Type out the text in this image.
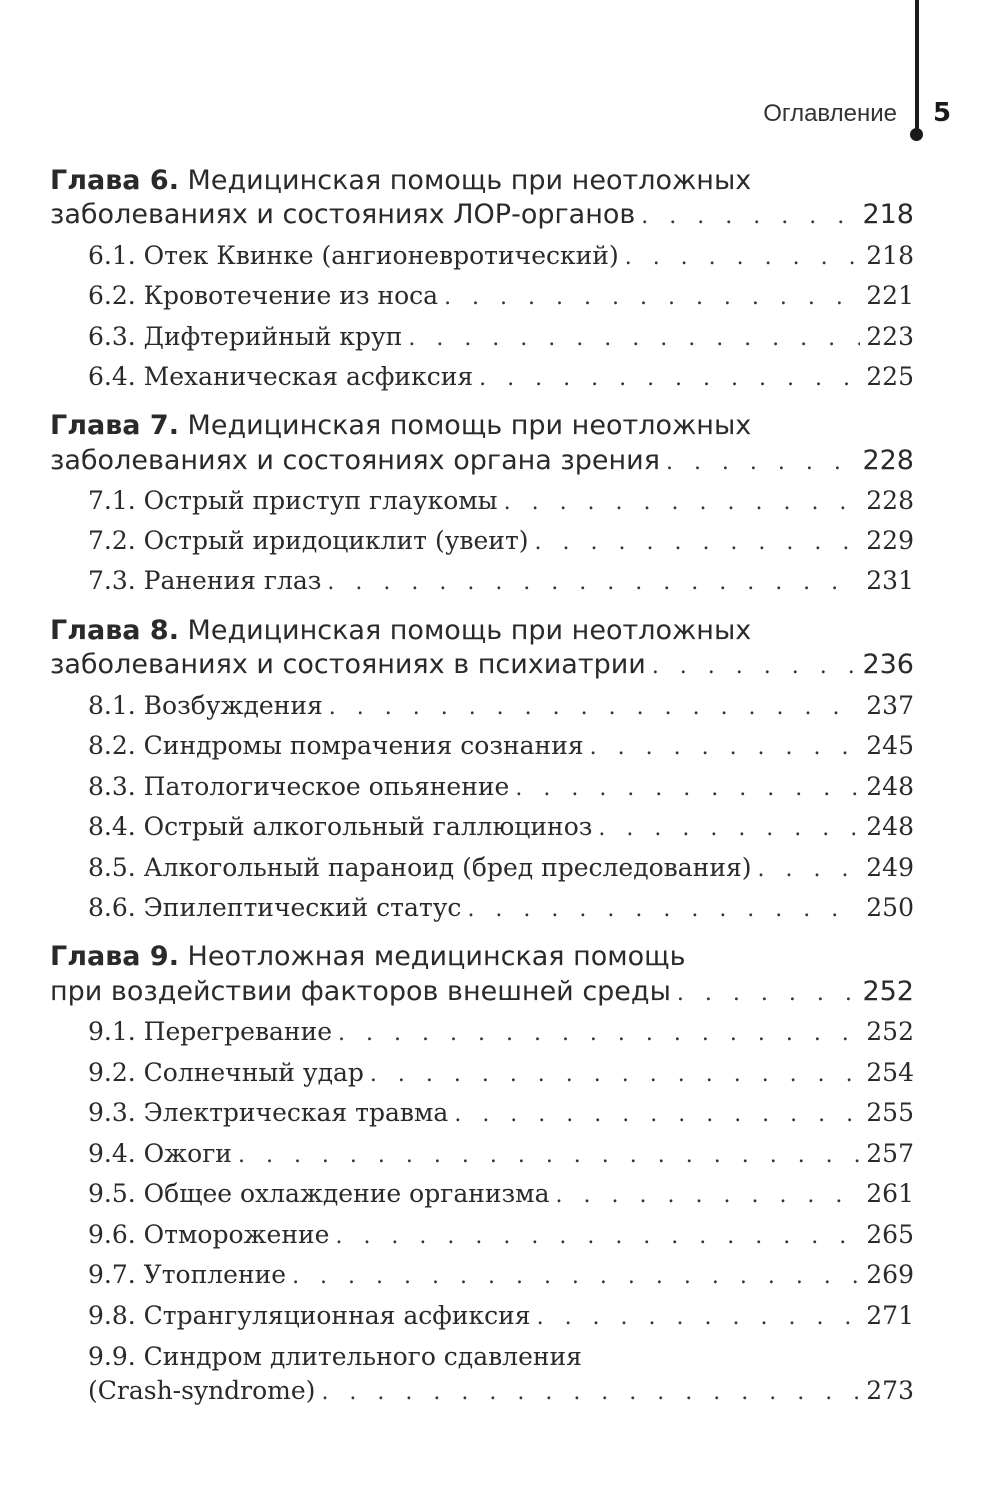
Оглавление 5
Глава 6. Медицинская помощь при неотложных
заболеваниях и состояниях ЛОР-органов . . .	218
6.1. Отек Квинке (ангионевротический) . . .	218
6.2. Кровотечение из носа . . .	221
6.3. Дифтерийный круп . . .	223
6.4. Механическая асфиксия . . .	225
Глава 7. Медицинская помощь при неотложных
заболеваниях и состояниях органа зрения . . .	228
7.1. Острый приступ глаукомы . . .	228
7.2. Острый иридоциклит (увеит) . . .	229
7.3. Ранения глаз . . .	231
Глава 8. Медицинская помощь при неотложных
заболеваниях и состояниях в психиатрии . . .	236
8.1. Возбуждения . . .	237
8.2. Синдромы помрачения сознания . . .	245
8.3. Патологическое опьянение . . .	248
8.4. Острый алкогольный галлюциноз . . .	248
8.5. Алкогольный параноид (бред преследования) . . .	249
8.6. Эпилептический статус . . .	250
Глава 9. Неотложная медицинская помощь
при воздействии факторов внешней среды . . .	252
9.1. Перегревание . . .	252
9.2. Солнечный удар . . .	254
9.3. Электрическая травма . . .	255
9.4. Ожоги . . .	257
9.5. Общее охлаждение организма . . .	261
9.6. Отморожение . . .	265
9.7. Утопление . . .	269
9.8. Странгуляционная асфиксия . . .	271
9.9. Синдром длительного сдавления
(Crash-syndrome) . . .	273
